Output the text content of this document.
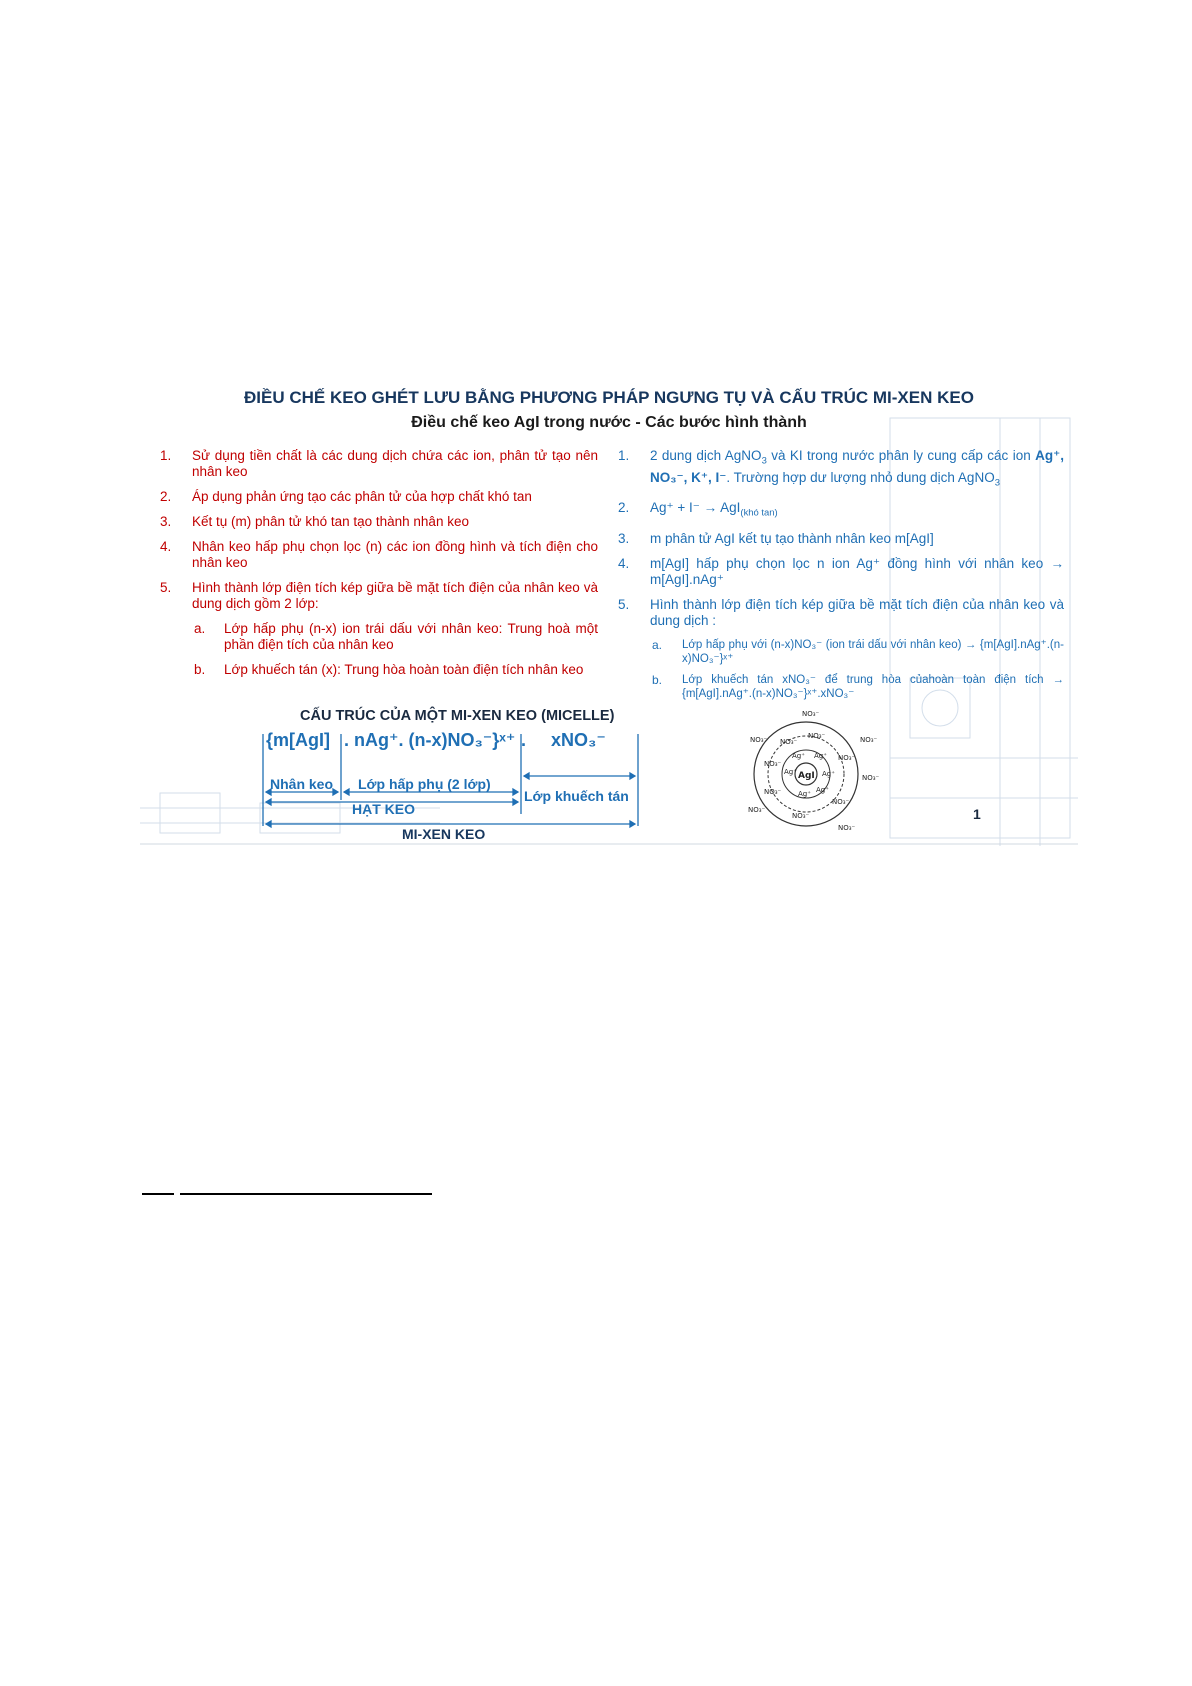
ĐIỀU CHẾ KEO GHÉT LƯU BẰNG PHƯƠNG PHÁP NGƯNG TỤ VÀ CẤU TRÚC MI-XEN KEO
Điều chế keo AgI trong nước - Các bước hình thành
1. Sử dụng tiền chất là các dung dịch chứa các ion, phân tử tạo nên nhân keo
2. Áp dụng phản ứng tạo các phân tử của hợp chất khó tan
3. Kết tụ (m) phân tử khó tan tạo thành nhân keo
4. Nhân keo hấp phụ chọn lọc (n) các ion đồng hình và tích điện cho nhân keo
5. Hình thành lớp điện tích kép giữa bề mặt tích điện của nhân keo và dung dịch gồm 2 lớp:
a. Lớp hấp phụ (n-x) ion trái dấu với nhân keo: Trung hoà một phần điện tích của nhân keo
b. Lớp khuếch tán (x): Trung hòa hoàn toàn điện tích nhân keo
1. 2 dung dịch AgNO$_3$ và KI trong nước phân ly cung cấp các ion Ag⁺, NO₃⁻, K⁺, I⁻. Trường hợp dư lượng nhỏ dung dịch AgNO$_3$
2. Ag⁺ + I⁻ → AgI$_{(khó tan)}$
3. m phân tử AgI kết tụ tạo thành nhân keo m[AgI]
4. m[AgI] hấp phụ chọn lọc n ion Ag⁺ đồng hình với nhân keo → m[AgI].nAg⁺
5. Hình thành lớp điện tích kép giữa bề mặt tích điện của nhân keo và dung dịch :
a. Lớp hấp phụ với (n-x)NO₃⁻ (ion trái dấu với nhân keo) → {m[AgI].nAg⁺.(n-x)NO₃⁻}ˣ⁺
b. Lớp khuếch tán xNO₃⁻ để trung hòa củahoàn toàn điện tích → {m[AgI].nAg⁺.(n-x)NO₃⁻}ˣ⁺.xNO₃⁻
CẤU TRÚC CỦA MỘT MI-XEN KEO (MICELLE)
{m[AgI] . nAg⁺. (n-x)NO₃⁻}ˣ⁺ . xNO₃⁻
Nhân keo Lớp hấp phụ (2 lớp)
Lớp khuếch tán
HẠT KEO
MI-XEN KEO
AgI
Ag⁺ Ag⁺
Ag⁺
Ag⁺
Ag⁺ Ag⁺
NO₃⁻
NO₃⁻	NO₃⁻
NO₃⁻
NO₃⁻
NO₃⁻
NO₃⁻
NO₃⁻
NO₃⁻
NO₃⁻
NO₃⁻
NO₃⁻
NO₃⁻
1
